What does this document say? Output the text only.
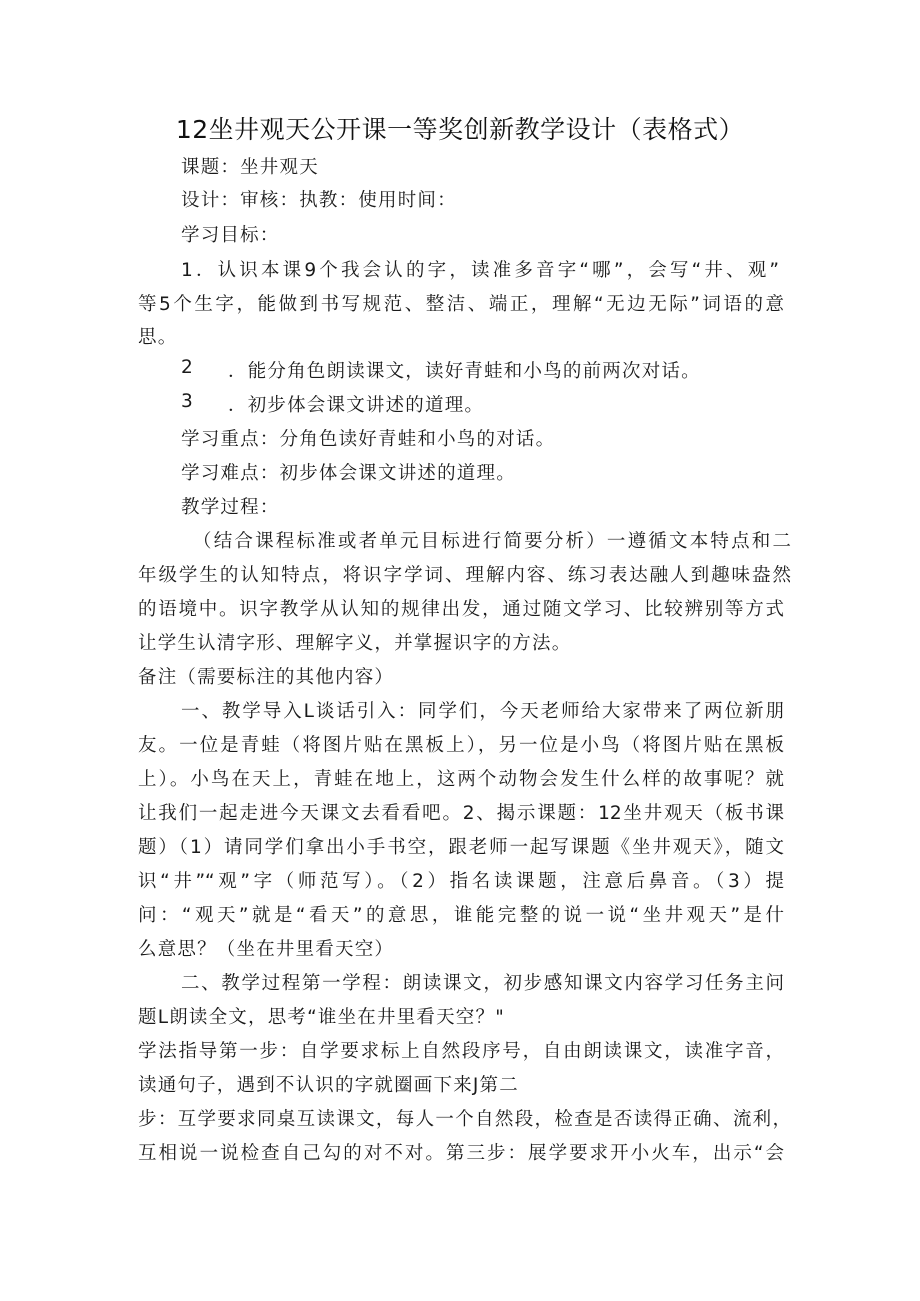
12坐井观天公开课一等奖创新教学设计（表格式）
课题：坐井观天
设计：审核：执教：使用时间：
学习目标：
1．认识本课9个我会认的字，读准多音字“哪”，会写“井、观”
等5个生字，能做到书写规范、整洁、端正，理解“无边无际”词语的意
思。
2 ．能分角色朗读课文，读好青蛙和小鸟的前两次对话。
3 ．初步体会课文讲述的道理。
学习重点：分角色读好青蛙和小鸟的对话。
学习难点：初步体会课文讲述的道理。
教学过程：
（结合课程标准或者单元目标进行简要分析）一遵循文本特点和二
年级学生的认知特点，将识字学词、理解内容、练习表达融人到趣味盎然
的语境中。识字教学从认知的规律出发，通过随文学习、比较辨别等方式
让学生认清字形、理解字义，并掌握识字的方法。
备注（需要标注的其他内容）
一、教学导入L谈话引入：同学们，今天老师给大家带来了两位新朋
友。一位是青蛙（将图片贴在黑板上），另一位是小鸟（将图片贴在黑板
上）。小鸟在天上，青蛙在地上，这两个动物会发生什么样的故事呢？就
让我们一起走进今天课文去看看吧。2、揭示课题：12坐井观天（板书课
题）（1）请同学们拿出小手书空，跟老师一起写课题《坐井观天》，随文
识“井”“观”字（师范写）。（2）指名读课题，注意后鼻音。（3）提
问：“观天”就是“看天”的意思，谁能完整的说一说“坐井观天”是什
么意思？（坐在井里看天空）
二、教学过程第一学程：朗读课文，初步感知课文内容学习任务主问
题L朗读全文，思考“谁坐在井里看天空？"
学法指导第一步：自学要求标上自然段序号，自由朗读课文，读准字音，
读通句子，遇到不认识的字就圈画下来J第二
步：互学要求同桌互读课文，每人一个自然段，检查是否读得正确、流利，
互相说一说检查自己勾的对不对。第三步：展学要求开小火车，出示“会
